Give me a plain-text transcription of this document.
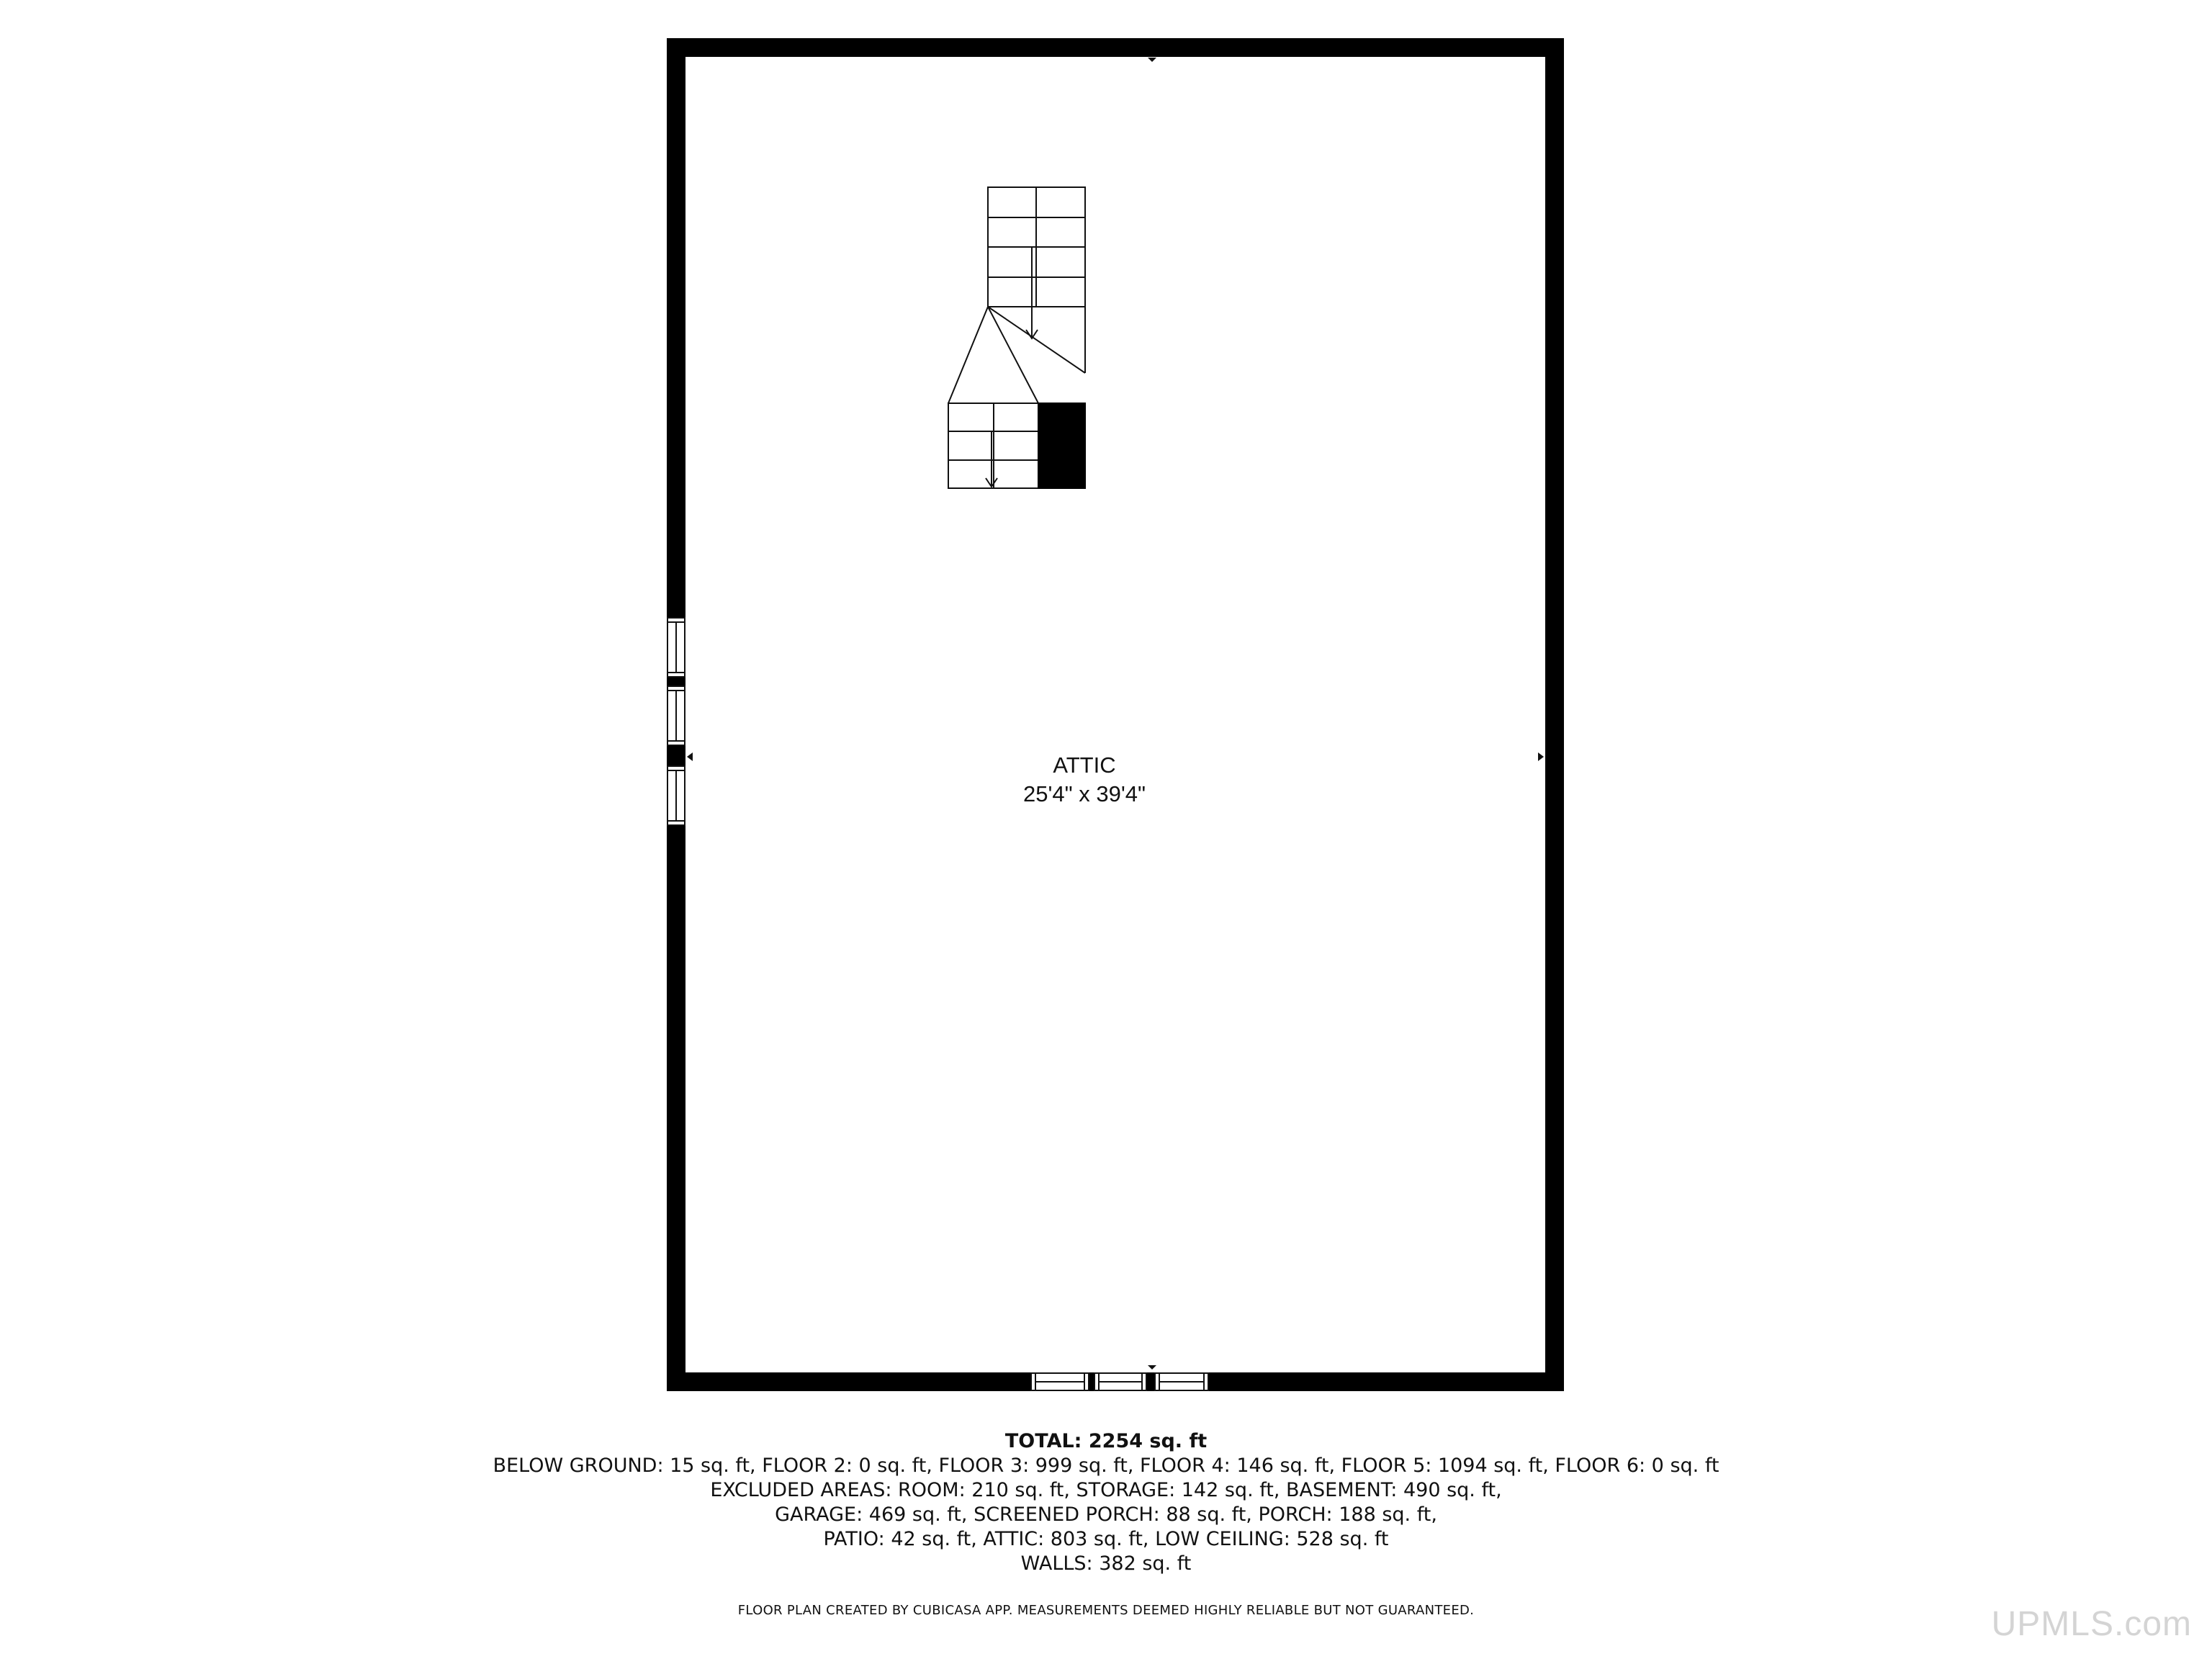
ATTIC
25'4" x 39'4"
TOTAL: 2254 sq. ft
BELOW GROUND: 15 sq. ft, FLOOR 2: 0 sq. ft, FLOOR 3: 999 sq. ft, FLOOR 4: 146 sq. ft, FLOOR 5: 1094 sq. ft, FLOOR 6: 0 sq. ft
EXCLUDED AREAS: ROOM: 210 sq. ft, STORAGE: 142 sq. ft, BASEMENT: 490 sq. ft,
GARAGE: 469 sq. ft, SCREENED PORCH: 88 sq. ft, PORCH: 188 sq. ft,
PATIO: 42 sq. ft, ATTIC: 803 sq. ft, LOW CEILING: 528 sq. ft
WALLS: 382 sq. ft
FLOOR PLAN CREATED BY CUBICASA APP. MEASUREMENTS DEEMED HIGHLY RELIABLE BUT NOT GUARANTEED.	UPMLS.com
